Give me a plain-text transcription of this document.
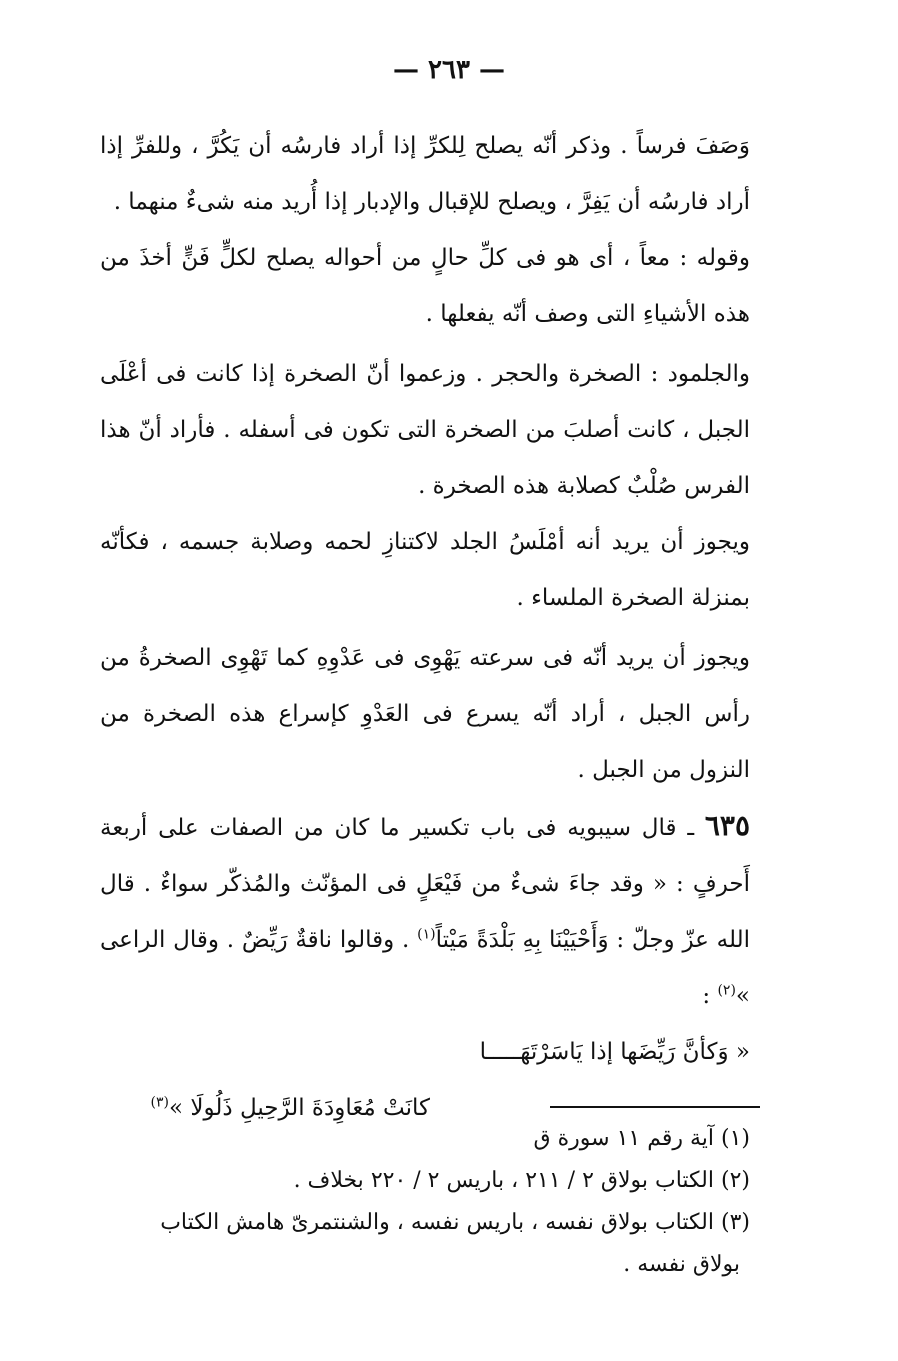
— ٢٦٣ —

وَصَفَ فرساً . وذكر أنّه يصلح لِلكرِّ إذا أراد فارسُه أن يَكُرَّ ، وللفرِّ إذا أراد فارسُه أن يَفِرَّ ، ويصلح للإقبال والإدبار إذا أُريد منه شىءٌ منهما .

وقوله : معاً ، أى هو فى كلِّ حالٍ من أحواله يصلح لكلٍّ فَنٍّ أخذَ من هذه الأشياءِ التى وصف أنّه يفعلها .

والجلمود : الصخرة والحجر . وزعموا أنّ الصخرة إذا كانت فى أعْلَى الجبل ، كانت أصلبَ من الصخرة التى تكون فى أسفله . فأراد أنّ هذا الفرس صُلْبٌ كصلابة هذه الصخرة .

ويجوز أن يريد أنه أمْلَسُ الجلد لاكتنازِ لحمه وصلابة جسمه ، فكأنّه بمنزلة الصخرة الملساء .

ويجوز أن يريد أنّه فى سرعته يَهْوِى فى عَدْوِهِ كما تَهْوِى الصخرةُ من رأس الجبل ، أراد أنّه يسرع فى العَدْوِ كإسراع هذه الصخرة من النزول من الجبل .

٦٣٥ ـ قال سيبويه فى باب تكسير ما كان من الصفات على أربعة أَحرفٍ : « وقد جاءَ شىءٌ من فَيْعَلٍ فى المؤنّث والمُذكّر سواءٌ . قال الله عزّ وجلّ : وَأَحْيَيْنَا بِهِ بَلْدَةً مَيْتاً$^{(١)}$ . وقالوا ناقةٌ رَيِّضٌ . وقال الراعى »$^{(٢)}$ :

« وَكأنَّ رَيِّضَها إذا يَاسَرْتَهَـــــا

كانَتْ مُعَاوِدَةَ الرَّحِيلِ ذَلُولَا »$^{(٣)}$

(١) آية رقم ١١ سورة ق

(٢) الكتاب بولاق ٢ / ٢١١ ، باريس ٢ / ٢٢٠ بخلاف .

(٣) الكتاب بولاق نفسه ، باريس نفسه ، والشنتمرىّ هامش الكتاب

بولاق نفسه .
